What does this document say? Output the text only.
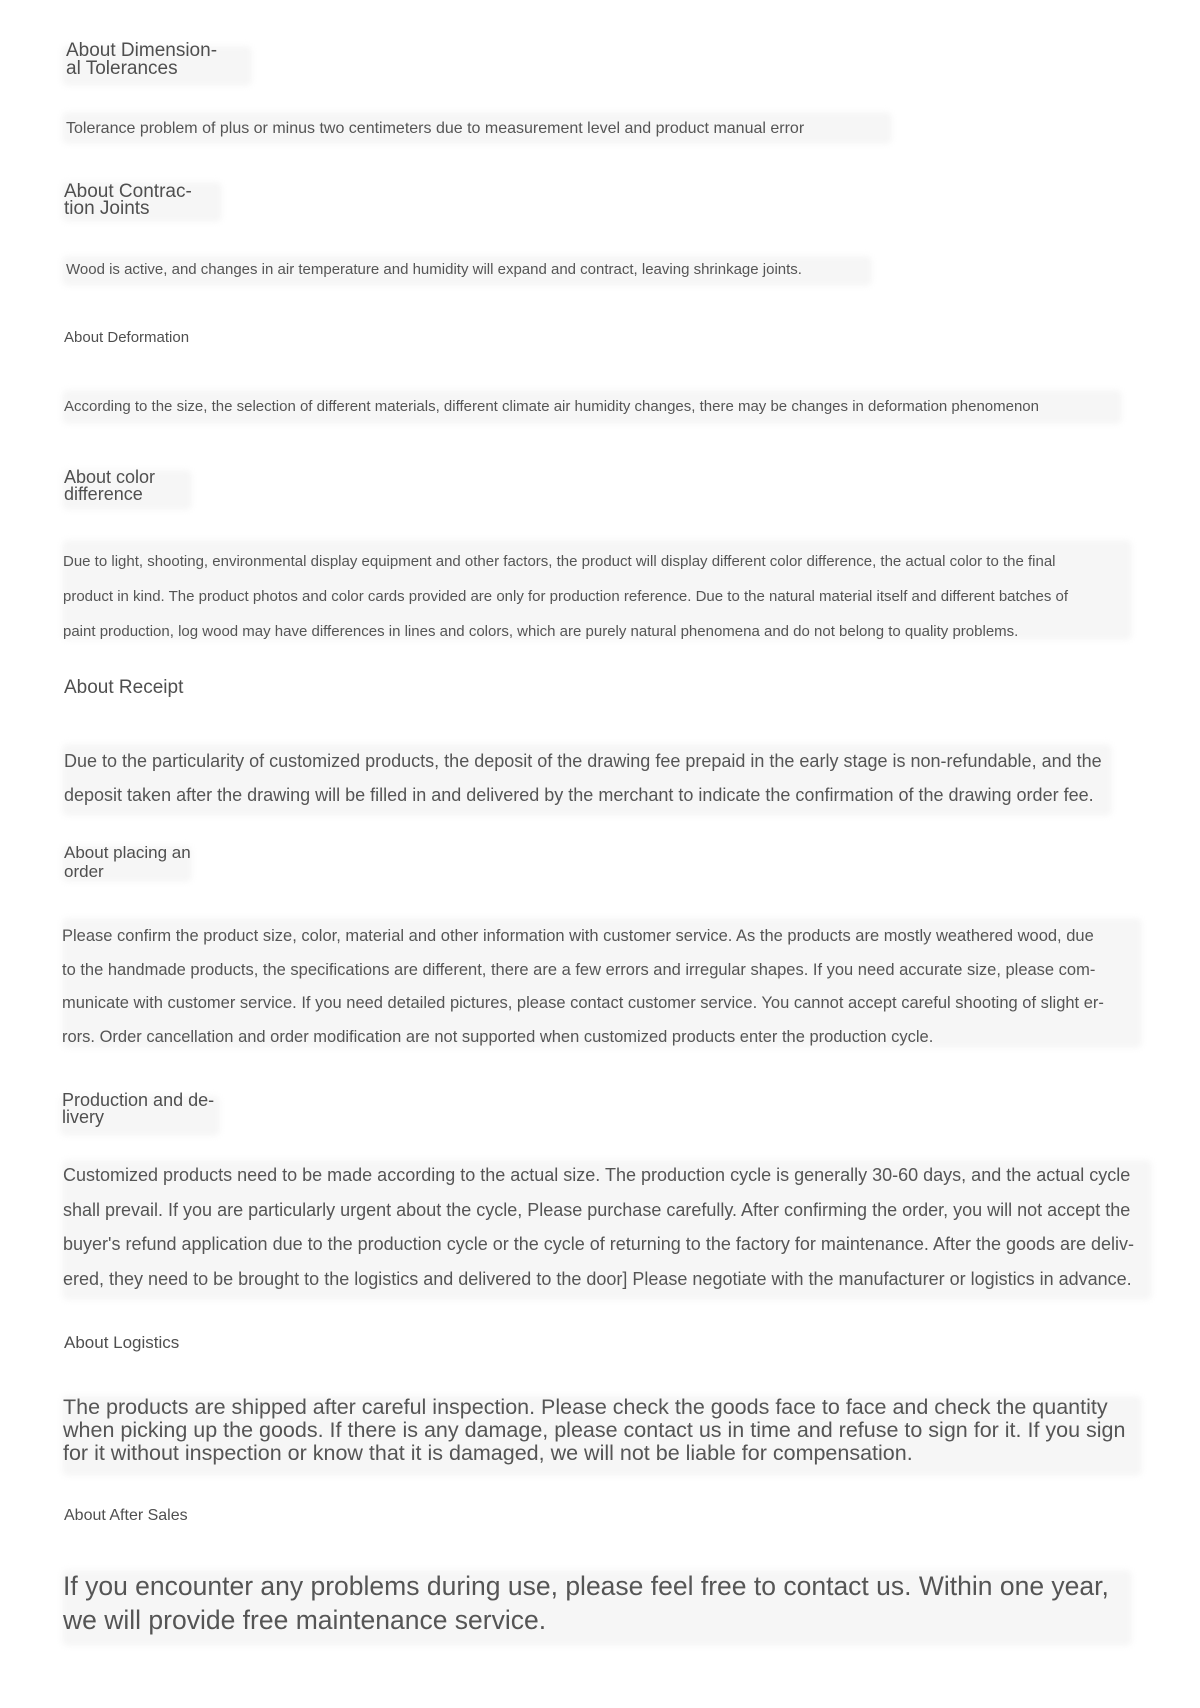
About Dimension-
al Tolerances

Tolerance problem of plus or minus two centimeters due to measurement level and product manual error

About Contrac-
tion Joints

Wood is active, and changes in air temperature and humidity will expand and contract, leaving shrinkage joints.

About Deformation

According to the size, the selection of different materials, different climate air humidity changes, there may be changes in deformation phenomenon

About color
difference

Due to light, shooting, environmental display equipment and other factors, the product will display different color difference, the actual color to the final
product in kind. The product photos and color cards provided are only for production reference. Due to the natural material itself and different batches of
paint production, log wood may have differences in lines and colors, which are purely natural phenomena and do not belong to quality problems.

About Receipt

Due to the particularity of customized products, the deposit of the drawing fee prepaid in the early stage is non-refundable, and the
deposit taken after the drawing will be filled in and delivered by the merchant to indicate the confirmation of the drawing order fee.

About placing an
order

Please confirm the product size, color, material and other information with customer service. As the products are mostly weathered wood, due
to the handmade products, the specifications are different, there are a few errors and irregular shapes. If you need accurate size, please com-
municate with customer service. If you need detailed pictures, please contact customer service. You cannot accept careful shooting of slight er-
rors. Order cancellation and order modification are not supported when customized products enter the production cycle.

Production and de-
livery

Customized products need to be made according to the actual size. The production cycle is generally 30-60 days, and the actual cycle
shall prevail. If you are particularly urgent about the cycle, Please purchase carefully. After confirming the order, you will not accept the
buyer's refund application due to the production cycle or the cycle of returning to the factory for maintenance. After the goods are deliv-
ered, they need to be brought to the logistics and delivered to the door] Please negotiate with the manufacturer or logistics in advance.

About Logistics

The products are shipped after careful inspection. Please check the goods face to face and check the quantity
when picking up the goods. If there is any damage, please contact us in time and refuse to sign for it. If you sign
for it without inspection or know that it is damaged, we will not be liable for compensation.

About After Sales

If you encounter any problems during use, please feel free to contact us. Within one year,
we will provide free maintenance service.
